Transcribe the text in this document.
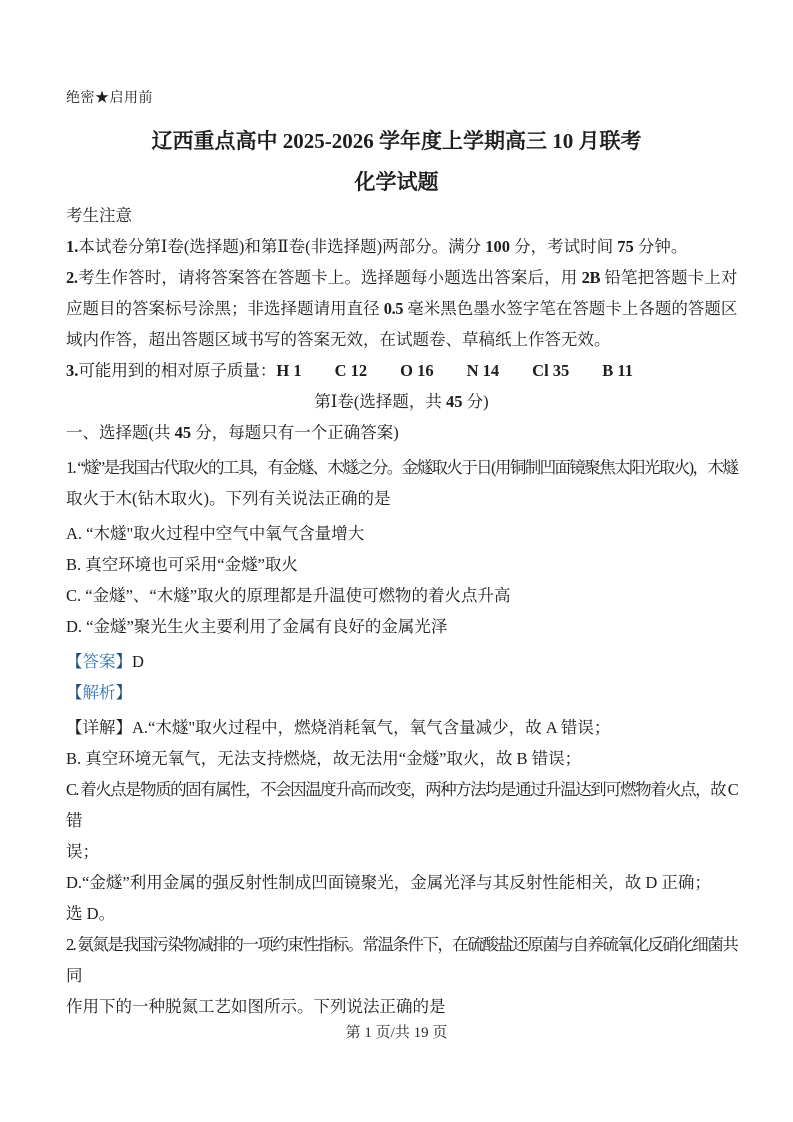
绝密★启用前
辽西重点高中 2025-2026 学年度上学期高三 10 月联考
化学试题
考生注意
1.本试卷分第Ⅰ卷(选择题)和第Ⅱ卷(非选择题)两部分。满分 100 分，考试时间 75 分钟。
2.考生作答时，请将答案答在答题卡上。选择题每小题选出答案后，用 2B 铅笔把答题卡上对
应题目的答案标号涂黑；非选择题请用直径 0.5 毫米黑色墨水签字笔在答题卡上各题的答题区
域内作答，超出答题区域书写的答案无效，在试题卷、草稿纸上作答无效。
3.可能用到的相对原子质量：H 1　　 C 12　　 O 16　　 N 14　　 Cl 35　　 B 11
第Ⅰ卷(选择题，共 45 分)
一、选择题(共 45 分，每题只有一个正确答案)
1. “燧”是我国古代取火的工具，有金燧、木燧之分。金燧取火于日(用铜制凹面镜聚焦太阳光取火)，木燧
取火于木(钻木取火)。下列有关说法正确的是
A. “木燧"取火过程中空气中氧气含量增大
B. 真空环境也可采用“金燧”取火
C. “金燧”、“木燧”取火的原理都是升温使可燃物的着火点升高
D. “金燧”聚光生火主要利用了金属有良好的金属光泽
【答案】D
【解析】
【详解】A.“木燧"取火过程中，燃烧消耗氧气，氧气含量减少，故 A 错误；
B. 真空环境无氧气，无法支持燃烧，故无法用“金燧”取火，故 B 错误；
C. 着火点是物质的固有属性，不会因温度升高而改变，两种方法均是通过升温达到可燃物着火点，故 C 错
误；
D.“金燧”利用金属的强反射性制成凹面镜聚光，金属光泽与其反射性能相关，故 D 正确；
选 D。
2. 氨氮是我国污染物减排的一项约束性指标。常温条件下，在硫酸盐还原菌与自养硫氧化反硝化细菌共同
作用下的一种脱氮工艺如图所示。下列说法正确的是
第 1 页/共 19 页
